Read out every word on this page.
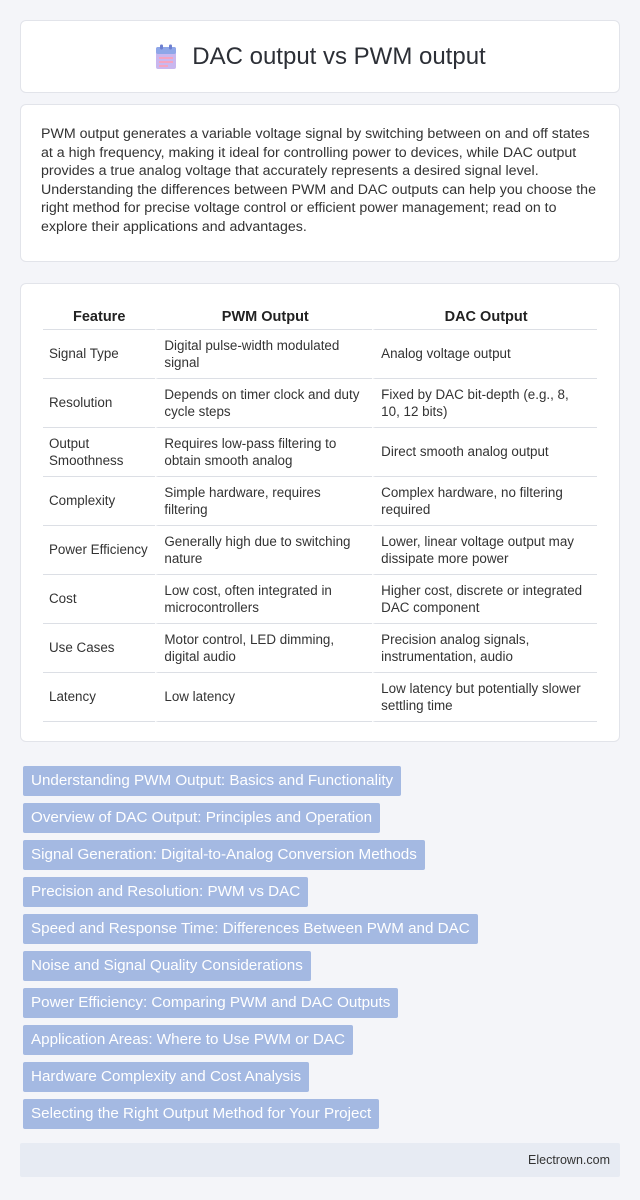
DAC output vs PWM output

PWM output generates a variable voltage signal by switching between on and off states at a high frequency, making it ideal for controlling power to devices, while DAC output provides a true analog voltage that accurately represents a desired signal level. Understanding the differences between PWM and DAC outputs can help you choose the right method for precise voltage control or efficient power management; read on to explore their applications and advantages.

Feature	PWM Output	DAC Output
Signal Type	Digital pulse-width modulated signal	Analog voltage output
Resolution	Depends on timer clock and duty cycle steps	Fixed by DAC bit-depth (e.g., 8, 10, 12 bits)
Output Smoothness	Requires low-pass filtering to obtain smooth analog	Direct smooth analog output
Complexity	Simple hardware, requires filtering	Complex hardware, no filtering required
Power Efficiency	Generally high due to switching nature	Lower, linear voltage output may dissipate more power
Cost	Low cost, often integrated in microcontrollers	Higher cost, discrete or integrated DAC component
Use Cases	Motor control, LED dimming, digital audio	Precision analog signals, instrumentation, audio
Latency	Low latency	Low latency but potentially slower settling time
Understanding PWM Output: Basics and Functionality
Overview of DAC Output: Principles and Operation
Signal Generation: Digital-to-Analog Conversion Methods
Precision and Resolution: PWM vs DAC
Speed and Response Time: Differences Between PWM and DAC
Noise and Signal Quality Considerations
Power Efficiency: Comparing PWM and DAC Outputs
Application Areas: Where to Use PWM or DAC
Hardware Complexity and Cost Analysis
Selecting the Right Output Method for Your Project
Electrown.com
